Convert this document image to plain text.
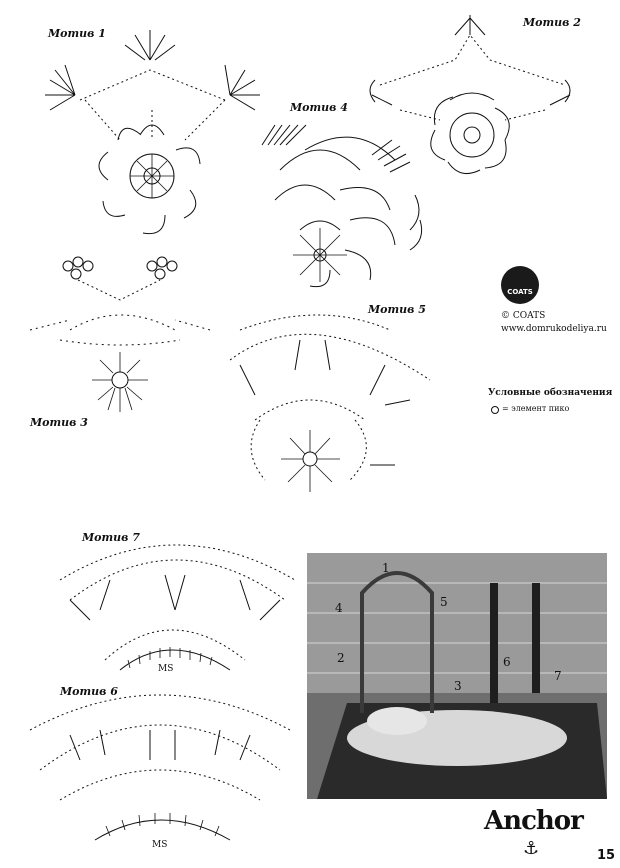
Мотив 1
Мотив 2
Мотив 3
Мотив 4
Мотив 5
Мотив 6
Мотив 7
MS
MS
COATS
© COATS
www.domrukodeliya.ru
Условные обозначения
= элемент пико
1
4	5
2
3
6
7
Anchor
⚓	15
